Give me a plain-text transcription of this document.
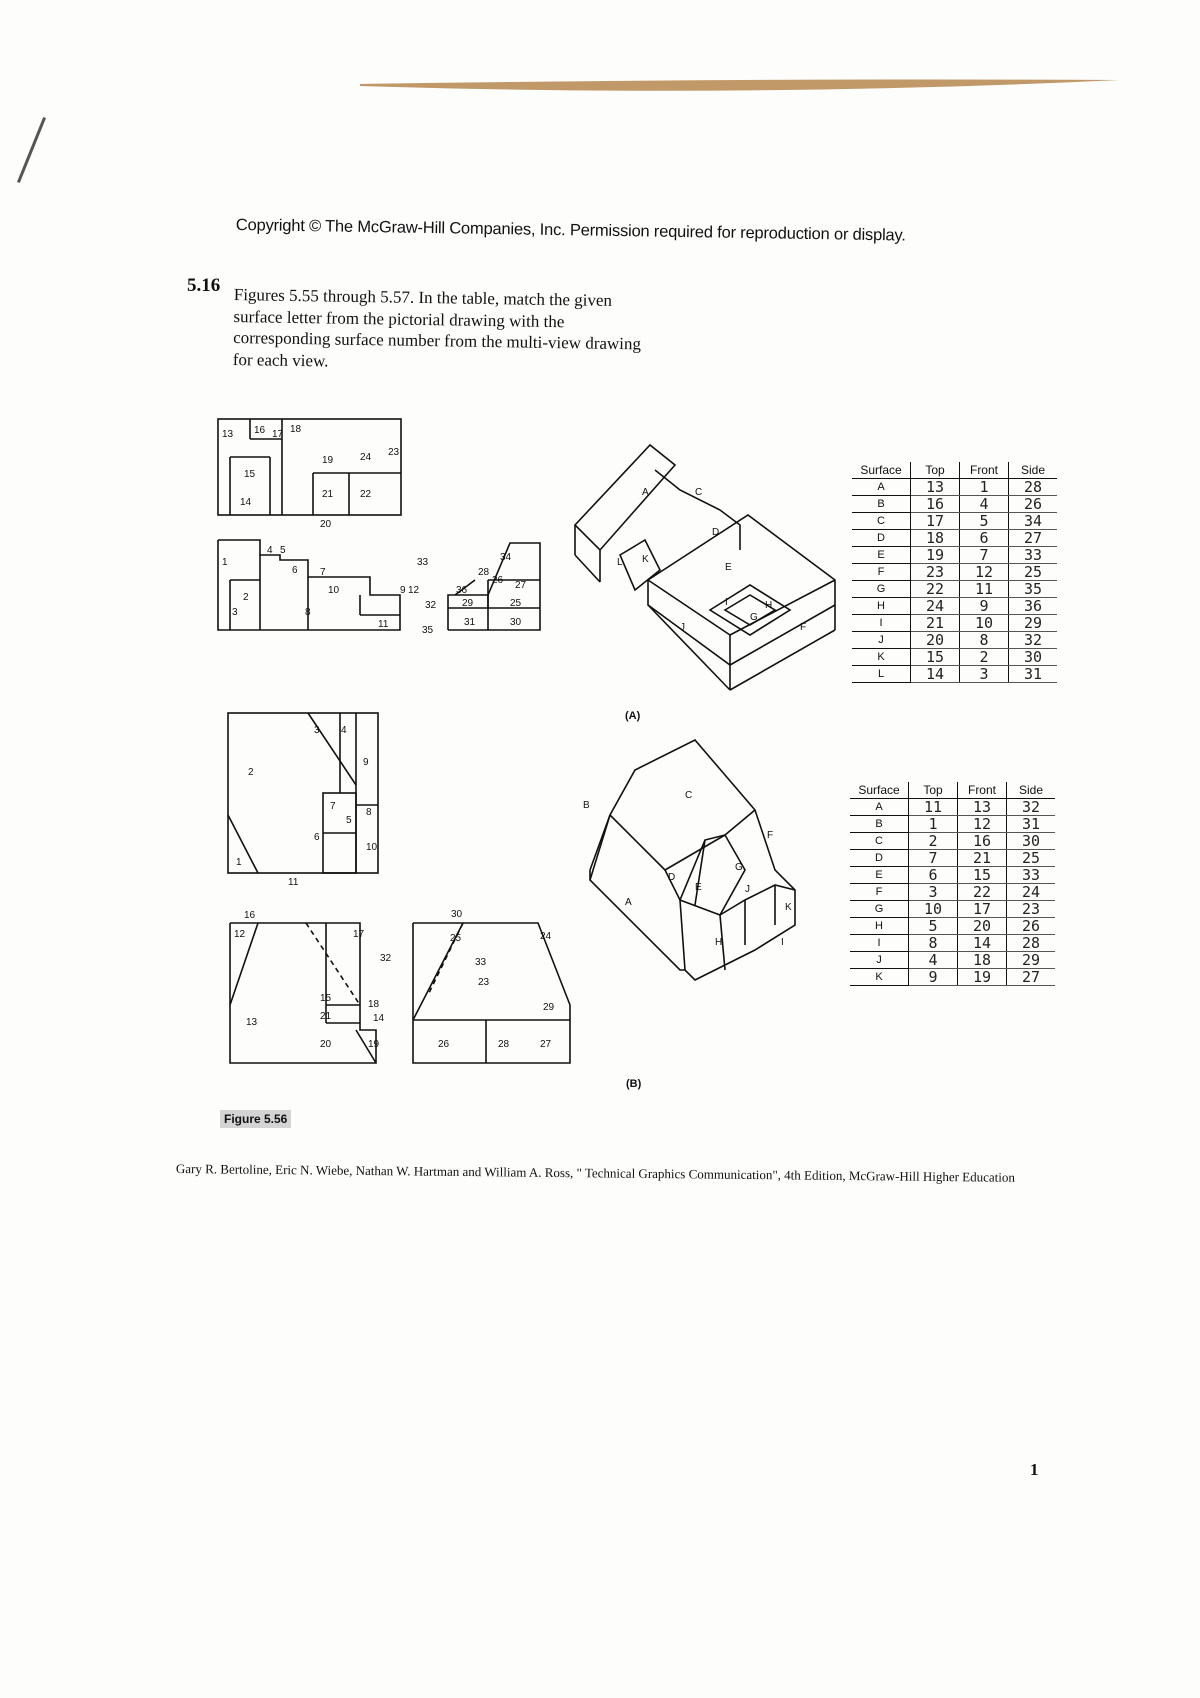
Copyright © The McGraw-Hill Companies, Inc. Permission required for reproduction or display.
5.16 Figures 5.55 through 5.57. In the table, match the given surface letter from the pictorial drawing with the corresponding surface number from the multi-view drawing for each view.

13 16 17 18
19	24 23
15
14
21	22
20
1
4 5
6 7
2
3
10
8
9
11
12
26
34
28
36
33
27
29	25
32
31	30
35
A	C
D
E
L K
F
J
I	H
G
(A)
Surface	Top	Front	Side
A	13	1	28
B	16	4	26
C	17	5	34
D	18	6	27
E	19	7	33
F	23	12	25
G	22	11	35
H	24	9	36
I	21	10	29
J	20	8	32
K	15	2	30
L	14	3	31
3 4
9
2
7
6
5
8
10
1
11
16
12	17
13
15
21
18
14
20	19
32
30
25	24
33
23
29
26	28	27
B
C
F
D
E
G
A
J
K
H	I
(B)
Surface	Top	Front	Side
A	11	13	32
B	1	12	31
C	2	16	30
D	7	21	25
E	6	15	33
F	3	22	24
G	10	17	23
H	5	20	26
I	8	14	28
J	4	18	29
K	9	19	27
Figure 5.56

Gary R. Bertoline, Eric N. Wiebe, Nathan W. Hartman and William A. Ross, " Technical Graphics Communication", 4th Edition, McGraw-Hill Higher Education

1
